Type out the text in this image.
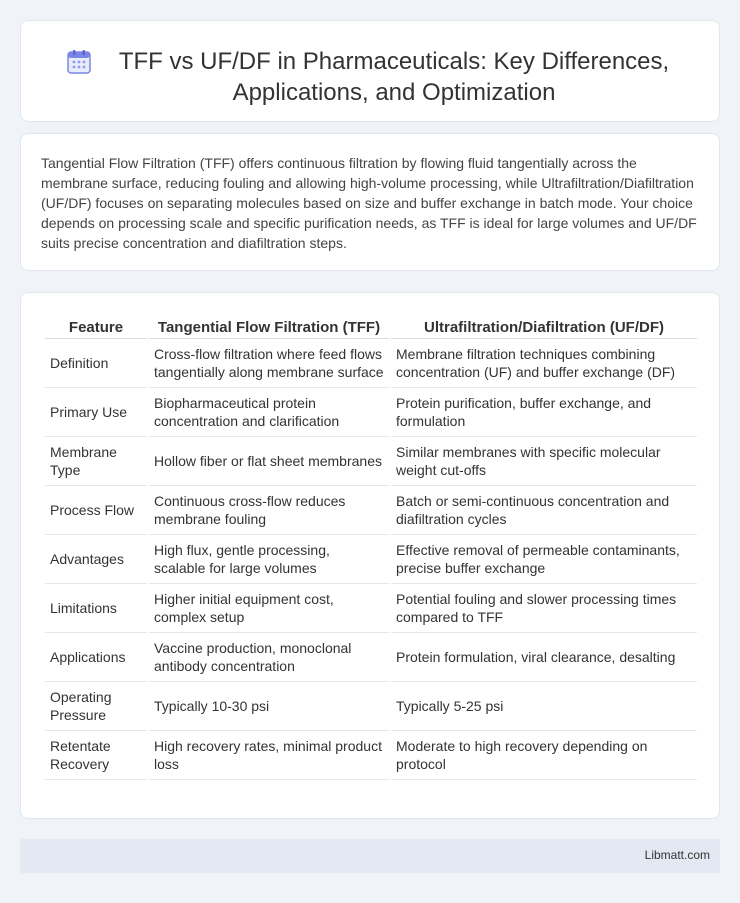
TFF vs UF/DF in Pharmaceuticals: Key Differences, Applications, and Optimization

Tangential Flow Filtration (TFF) offers continuous filtration by flowing fluid tangentially across the membrane surface, reducing fouling and allowing high-volume processing, while Ultrafiltration/Diafiltration (UF/DF) focuses on separating molecules based on size and buffer exchange in batch mode. Your choice depends on processing scale and specific purification needs, as TFF is ideal for large volumes and UF/DF suits precise concentration and diafiltration steps.

Feature	Tangential Flow Filtration (TFF)	Ultrafiltration/Diafiltration (UF/DF)
Definition	Cross-flow filtration where feed flows tangentially along membrane surface	Membrane filtration techniques combining concentration (UF) and buffer exchange (DF)
Primary Use	Biopharmaceutical protein concentration and clarification	Protein purification, buffer exchange, and formulation
Membrane Type	Hollow fiber or flat sheet membranes	Similar membranes with specific molecular weight cut-offs
Process Flow	Continuous cross-flow reduces membrane fouling	Batch or semi-continuous concentration and diafiltration cycles
Advantages	High flux, gentle processing, scalable for large volumes	Effective removal of permeable contaminants, precise buffer exchange
Limitations	Higher initial equipment cost, complex setup	Potential fouling and slower processing times compared to TFF
Applications	Vaccine production, monoclonal antibody concentration	Protein formulation, viral clearance, desalting
Operating Pressure	Typically 10-30 psi	Typically 5-25 psi
Retentate Recovery	High recovery rates, minimal product loss	Moderate to high recovery depending on protocol
Libmatt.com
